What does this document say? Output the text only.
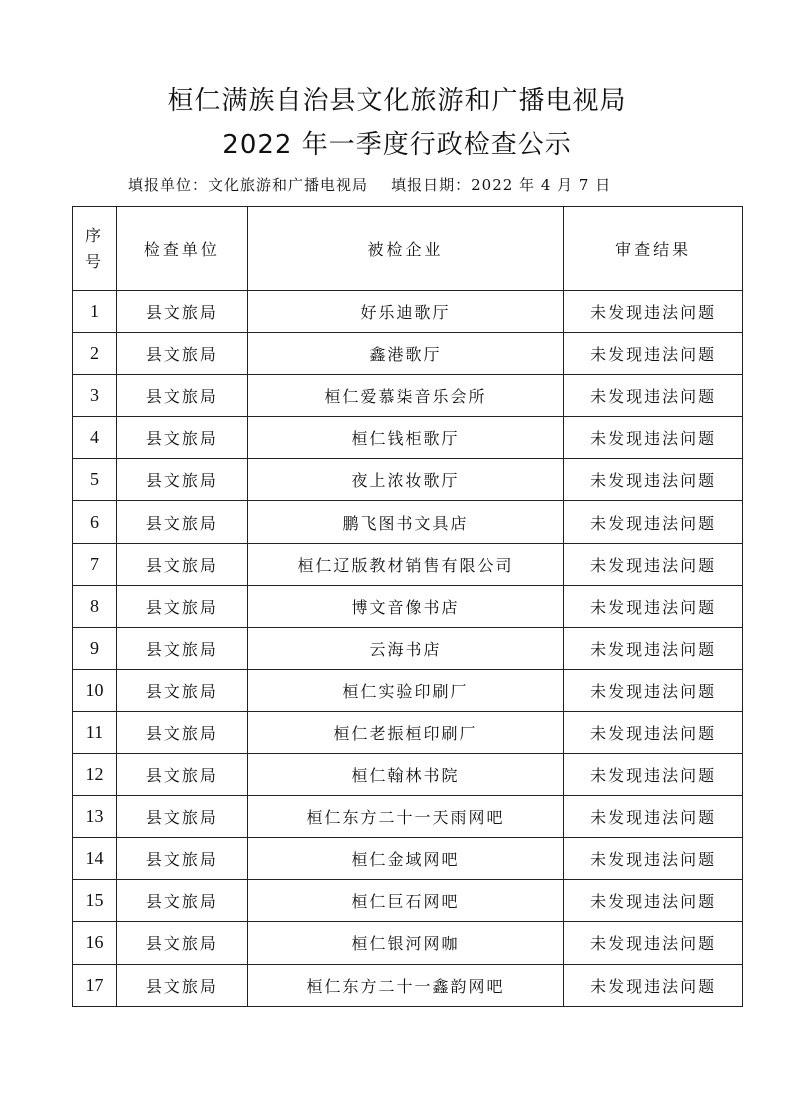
桓仁满族自治县文化旅游和广播电视局
2022 年一季度行政检查公示
填报单位：文化旅游和广播电视局 填报日期：2022 年 4 月 7 日
序
号	检查单位	被检企业	审查结果
1	县文旅局	好乐迪歌厅	未发现违法问题
2	县文旅局	鑫港歌厅	未发现违法问题
3	县文旅局	桓仁爱慕柒音乐会所	未发现违法问题
4	县文旅局	桓仁钱柜歌厅	未发现违法问题
5	县文旅局	夜上浓妆歌厅	未发现违法问题
6	县文旅局	鹏飞图书文具店	未发现违法问题
7	县文旅局	桓仁辽版教材销售有限公司	未发现违法问题
8	县文旅局	博文音像书店	未发现违法问题
9	县文旅局	云海书店	未发现违法问题
10	县文旅局	桓仁实验印刷厂	未发现违法问题
11	县文旅局	桓仁老振桓印刷厂	未发现违法问题
12	县文旅局	桓仁翰林书院	未发现违法问题
13	县文旅局	桓仁东方二十一天雨网吧	未发现违法问题
14	县文旅局	桓仁金域网吧	未发现违法问题
15	县文旅局	桓仁巨石网吧	未发现违法问题
16	县文旅局	桓仁银河网咖	未发现违法问题
17	县文旅局	桓仁东方二十一鑫韵网吧	未发现违法问题
